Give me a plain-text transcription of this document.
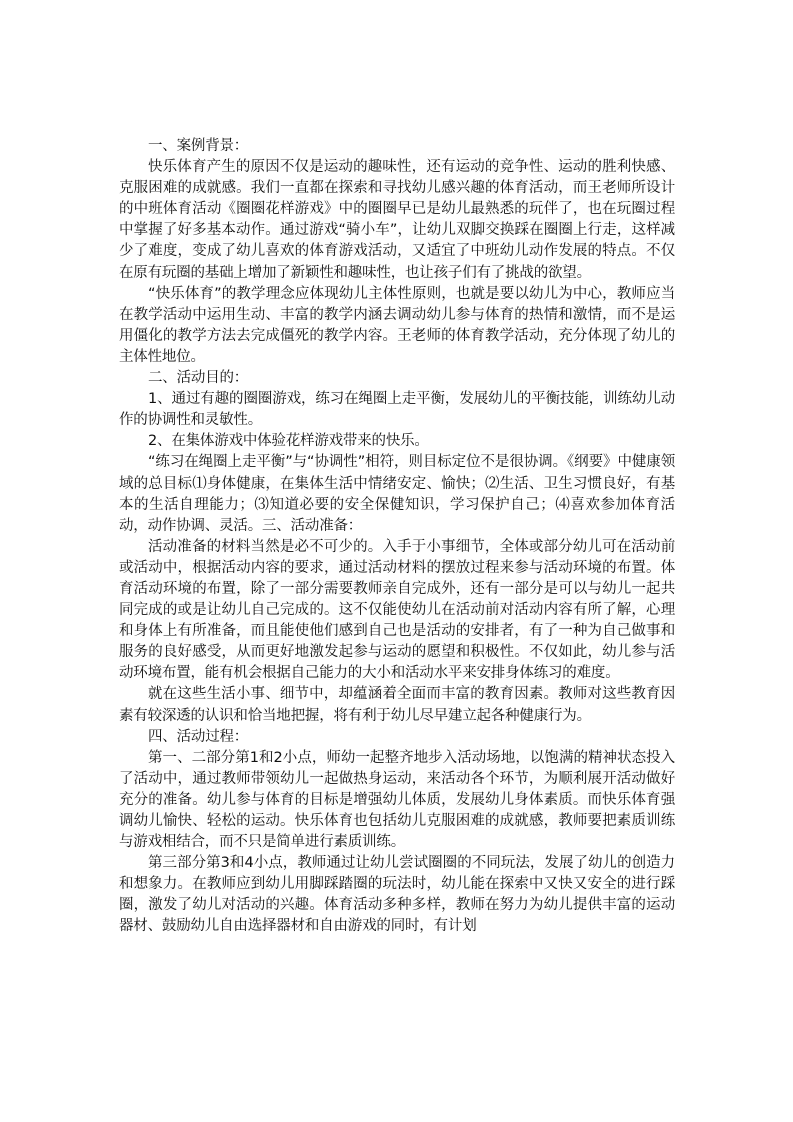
一、案例背景：

快乐体育产生的原因不仅是运动的趣味性，还有运动的竞争性、运动的胜利快感、克服困难的成就感。我们一直都在探索和寻找幼儿感兴趣的体育活动，而王老师所设计的中班体育活动《圈圈花样游戏》中的圈圈早已是幼儿最熟悉的玩伴了，也在玩圈过程中掌握了好多基本动作。通过游戏“骑小车”，让幼儿双脚交换踩在圈圈上行走，这样减少了难度，变成了幼儿喜欢的体育游戏活动，又适宜了中班幼儿动作发展的特点。不仅在原有玩圈的基础上增加了新颖性和趣味性，也让孩子们有了挑战的欲望。

“快乐体育”的教学理念应体现幼儿主体性原则，也就是要以幼儿为中心，教师应当在教学活动中运用生动、丰富的教学内涵去调动幼儿参与体育的热情和激情，而不是运用僵化的教学方法去完成僵死的教学内容。王老师的体育教学活动，充分体现了幼儿的主体性地位。

二、活动目的：

1、通过有趣的圈圈游戏，练习在绳圈上走平衡，发展幼儿的平衡技能，训练幼儿动作的协调性和灵敏性。

2、在集体游戏中体验花样游戏带来的快乐。

“练习在绳圈上走平衡”与“协调性”相符，则目标定位不是很协调。《纲要》中健康领域的总目标⑴身体健康，在集体生活中情绪安定、愉快；⑵生活、卫生习惯良好，有基本的生活自理能力；⑶知道必要的安全保健知识，学习保护自己；⑷喜欢参加体育活动，动作协调、灵活。三、活动准备：

活动准备的材料当然是必不可少的。入手于小事细节，全体或部分幼儿可在活动前或活动中，根据活动内容的要求，通过活动材料的摆放过程来参与活动环境的布置。体育活动环境的布置，除了一部分需要教师亲自完成外，还有一部分是可以与幼儿一起共同完成的或是让幼儿自己完成的。这不仅能使幼儿在活动前对活动内容有所了解，心理和身体上有所准备，而且能使他们感到自己也是活动的安排者，有了一种为自己做事和服务的良好感受，从而更好地激发起参与运动的愿望和积极性。不仅如此，幼儿参与活动环境布置，能有机会根据自己能力的大小和活动水平来安排身体练习的难度。

就在这些生活小事、细节中，却蕴涵着全面而丰富的教育因素。教师对这些教育因素有较深透的认识和恰当地把握，将有利于幼儿尽早建立起各种健康行为。

四、活动过程：

第一、二部分第1和2小点，师幼一起整齐地步入活动场地，以饱满的精神状态投入了活动中，通过教师带领幼儿一起做热身运动，来活动各个环节，为顺利展开活动做好充分的准备。幼儿参与体育的目标是增强幼儿体质，发展幼儿身体素质。而快乐体育强调幼儿愉快、轻松的运动。快乐体育也包括幼儿克服困难的成就感，教师要把素质训练与游戏相结合，而不只是简单进行素质训练。

第三部分第3和4小点，教师通过让幼儿尝试圈圈的不同玩法，发展了幼儿的创造力和想象力。在教师应到幼儿用脚踩踏圈的玩法时，幼儿能在探索中又快又安全的进行踩圈，激发了幼儿对活动的兴趣。体育活动多种多样，教师在努力为幼儿提供丰富的运动器材、鼓励幼儿自由选择器材和自由游戏的同时，有计划
